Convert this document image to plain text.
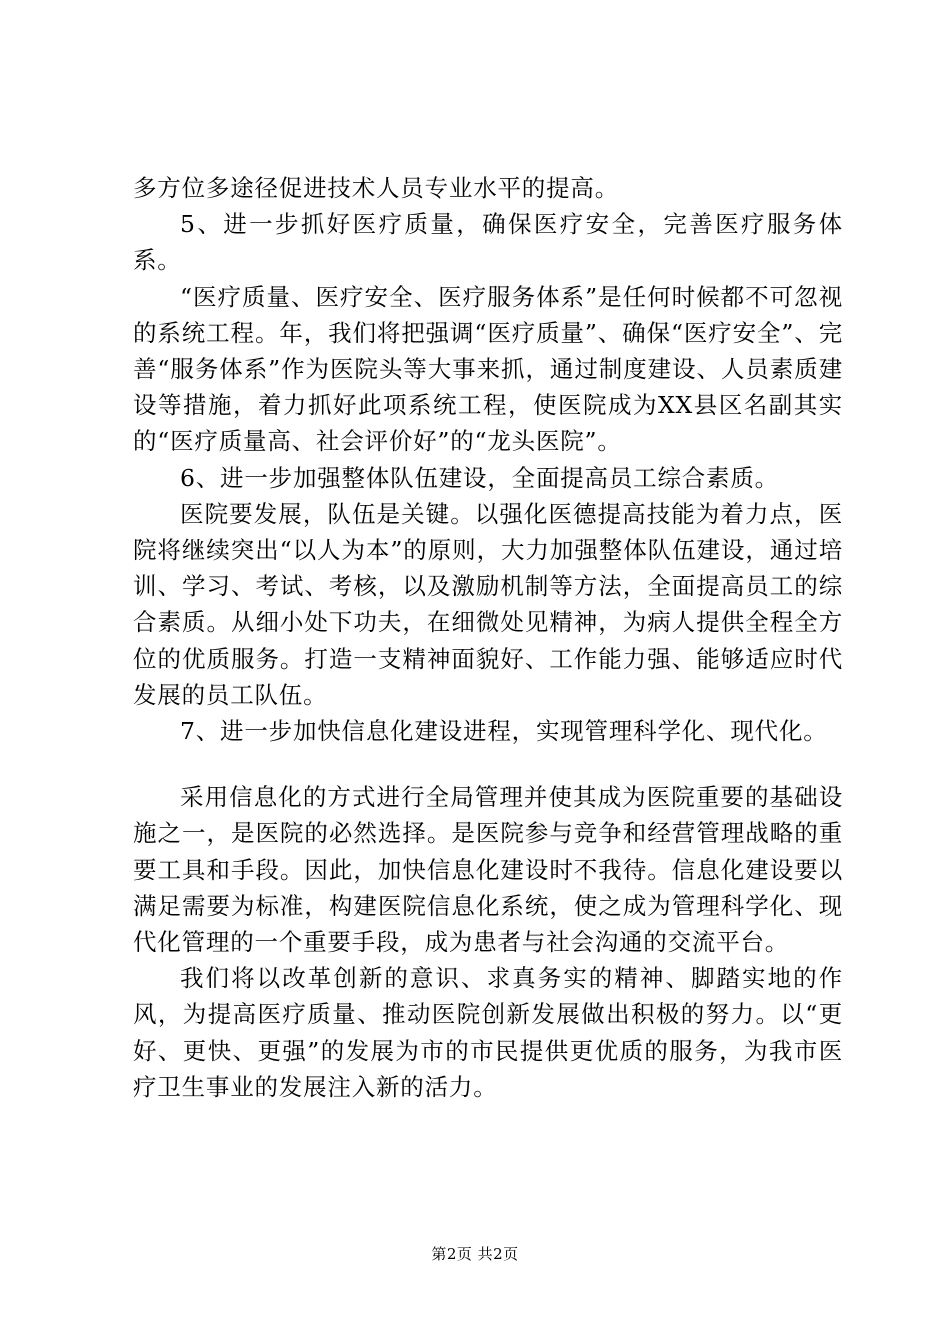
多方位多途径促进技术人员专业水平的提高。

5、进一步抓好医疗质量，确保医疗安全，完善医疗服务体系。

“医疗质量、医疗安全、医疗服务体系”是任何时候都不可忽视的系统工程。年，我们将把强调“医疗质量”、确保“医疗安全”、完善“服务体系”作为医院头等大事来抓，通过制度建设、人员素质建设等措施，着力抓好此项系统工程，使医院成为XX县区名副其实的“医疗质量高、社会评价好”的“龙头医院”。

6、进一步加强整体队伍建设，全面提高员工综合素质。

医院要发展，队伍是关键。以强化医德提高技能为着力点，医院将继续突出“以人为本”的原则，大力加强整体队伍建设，通过培训、学习、考试、考核，以及激励机制等方法，全面提高员工的综合素质。从细小处下功夫，在细微处见精神，为病人提供全程全方位的优质服务。打造一支精神面貌好、工作能力强、能够适应时代发展的员工队伍。

7、进一步加快信息化建设进程，实现管理科学化、现代化。

采用信息化的方式进行全局管理并使其成为医院重要的基础设施之一，是医院的必然选择。是医院参与竞争和经营管理战略的重要工具和手段。因此，加快信息化建设时不我待。信息化建设要以满足需要为标准，构建医院信息化系统，使之成为管理科学化、现代化管理的一个重要手段，成为患者与社会沟通的交流平台。

我们将以改革创新的意识、求真务实的精神、脚踏实地的作风，为提高医疗质量、推动医院创新发展做出积极的努力。以“更好、更快、更强”的发展为市的市民提供更优质的服务，为我市医疗卫生事业的发展注入新的活力。

第2页 共2页
